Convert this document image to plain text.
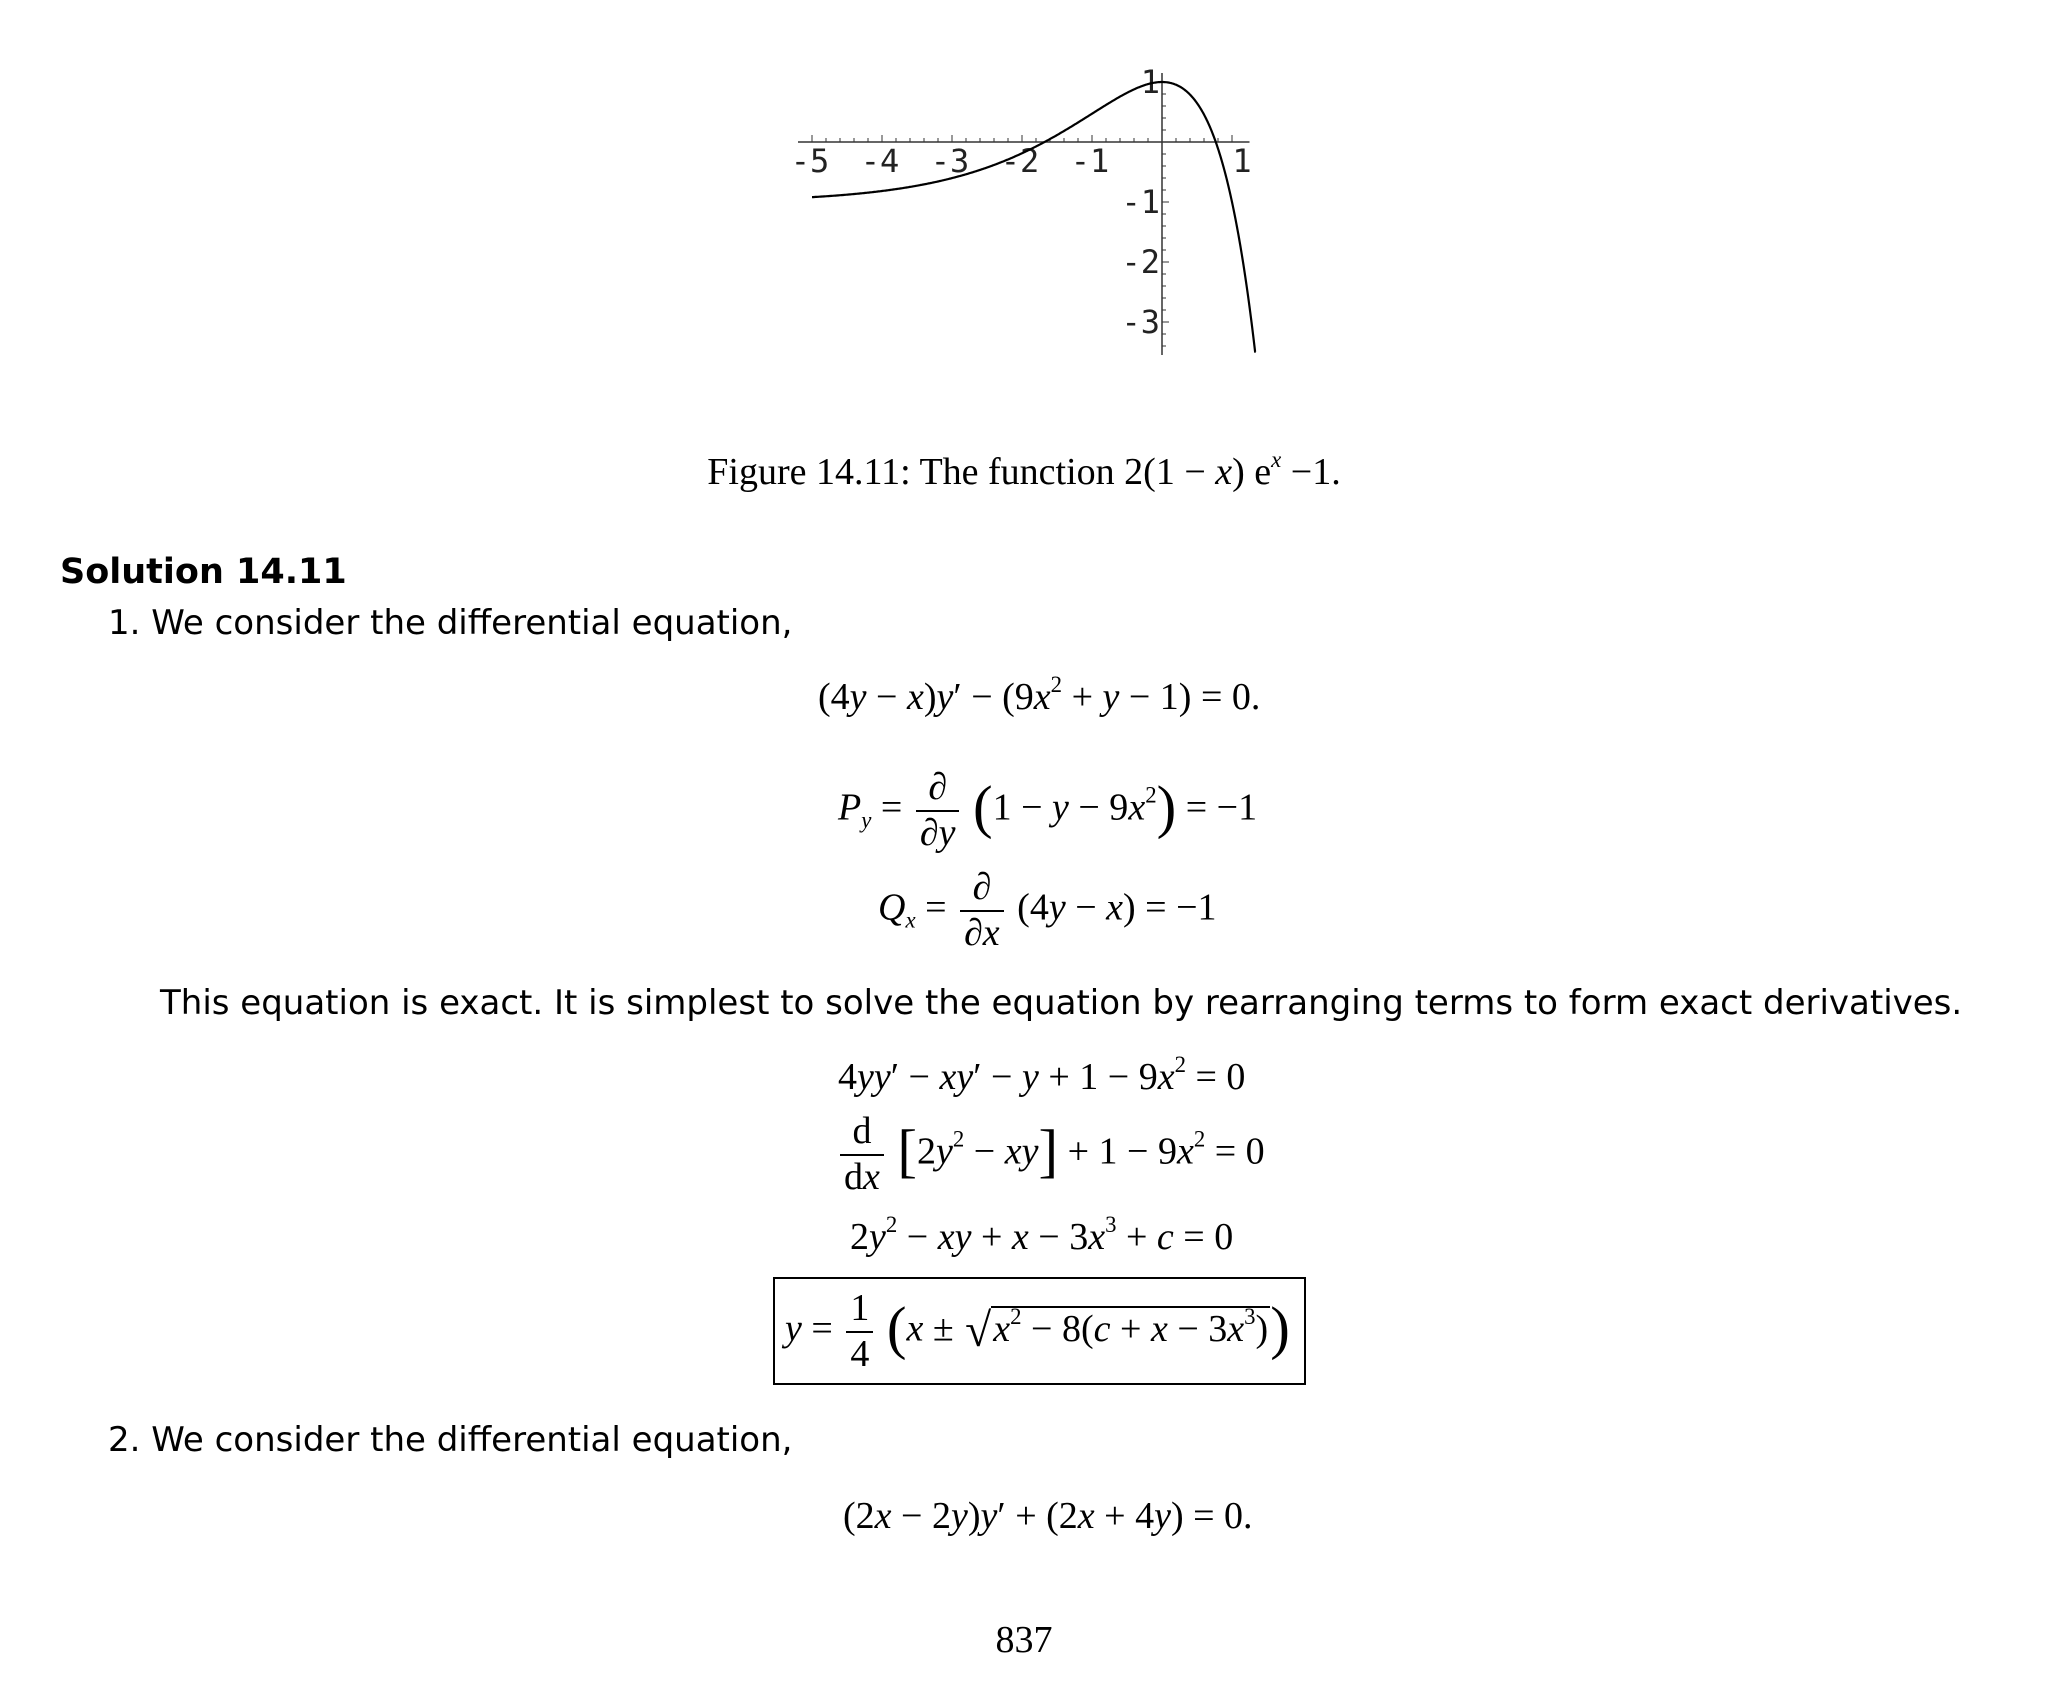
-5 -4 -3 -2 -1	1
1
-1
-2
-3
Figure 14.11: The function 2(1 − x) $e^x -1$.
Solution 14.11
1. We consider the differential equation,
$(4y - x)y' - (9x^2 + y - 1) = 0$.
$P_y = \frac{\partial}{\partial y} (1 - y - 9x^2) = -1$
$Q_x = \frac{\partial}{\partial x} (4y - x) = -1$
This equation is exact. It is simplest to solve the equation by rearranging terms to form exact derivatives.
$4yy' - xy' - y + 1 - 9x^2 = 0$
$\frac{d}{dx} [2y^2 - xy] + 1 - 9x^2 = 0$
$2y^2$ − xy + $x - 3x^3 + c = 0$
$y = \frac{1}{4} (x \pm √x^2 - 8(c + x - 3x^3))$
2. We consider the differential equation,
(2x − 2y)y′ + (2x + 4y) = 0.
837
